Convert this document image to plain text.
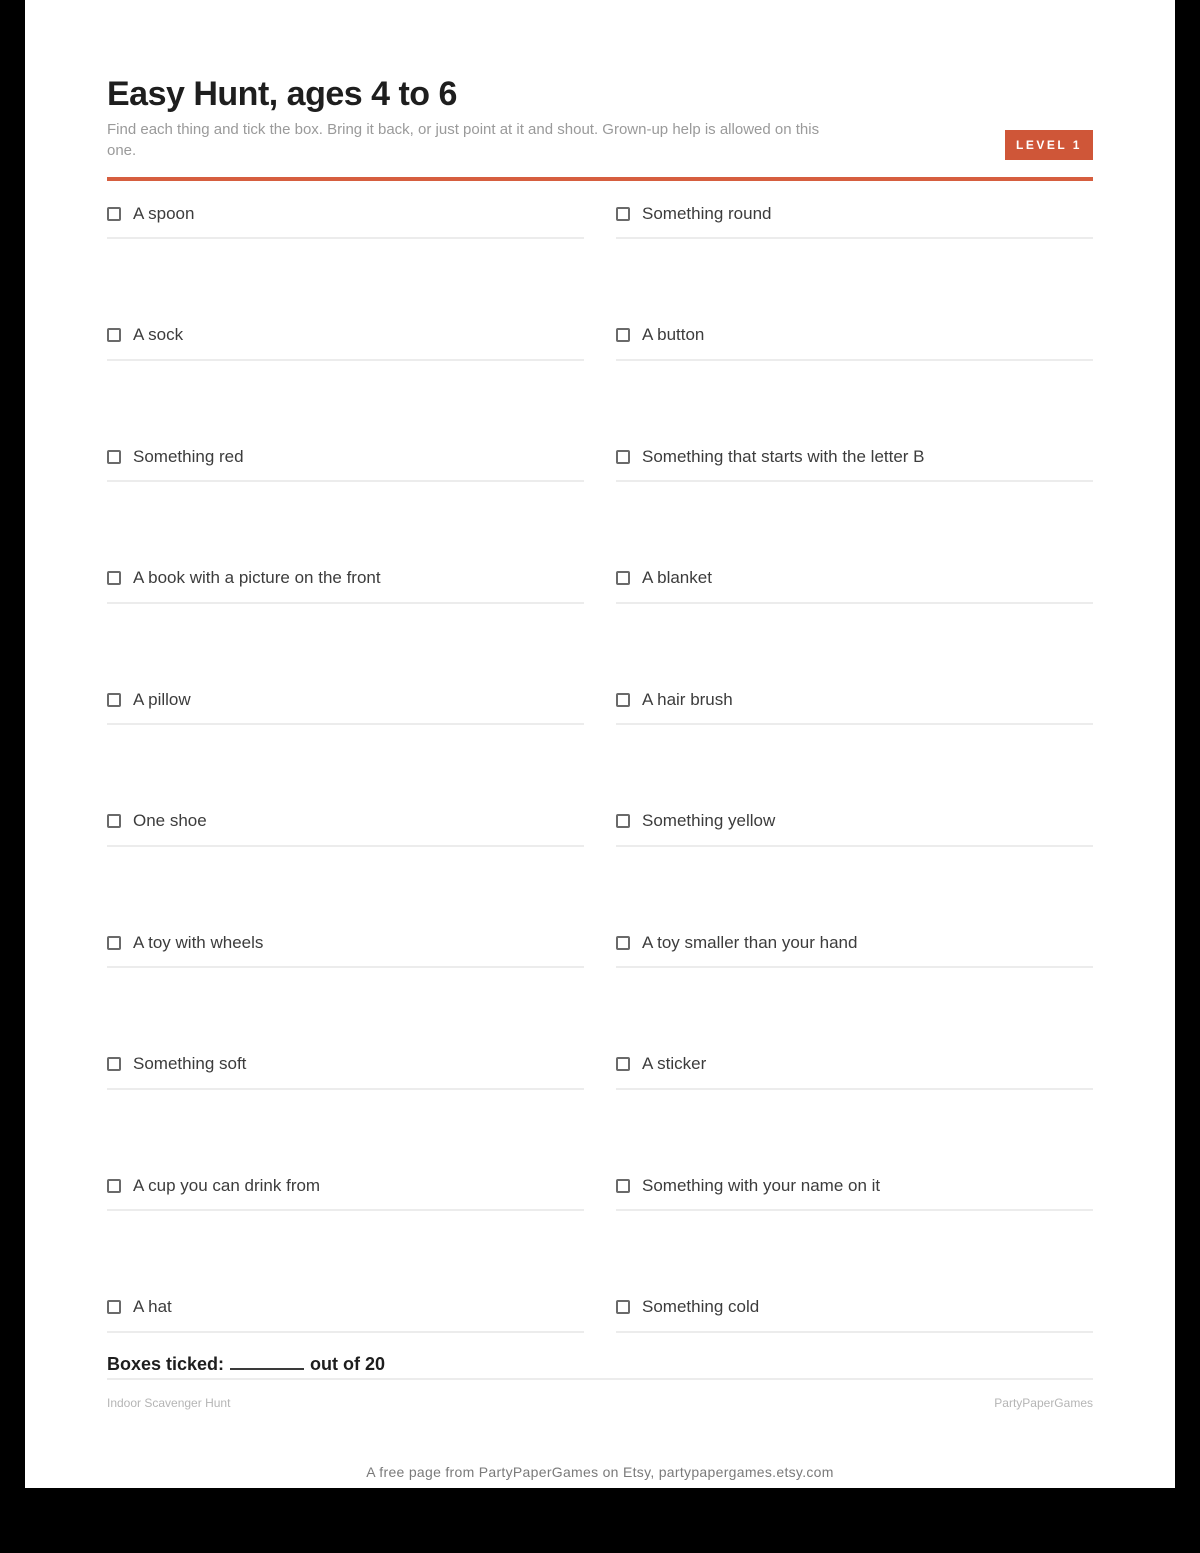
Easy Hunt, ages 4 to 6

Find each thing and tick the box. Bring it back, or just point at it and shout. Grown-up help is allowed on this one.	LEVEL 1
A spoon	Something round
A sock	A button
Something red	Something that starts with the letter B
A book with a picture on the front	A blanket
A pillow	A hair brush
One shoe	Something yellow
A toy with wheels	A toy smaller than your hand
Something soft	A sticker
A cup you can drink from	Something with your name on it
A hat	Something cold
Boxes ticked:	out of 20
Indoor Scavenger Hunt	PartyPaperGames
A free page from PartyPaperGames on Etsy, partypapergames.etsy.com
